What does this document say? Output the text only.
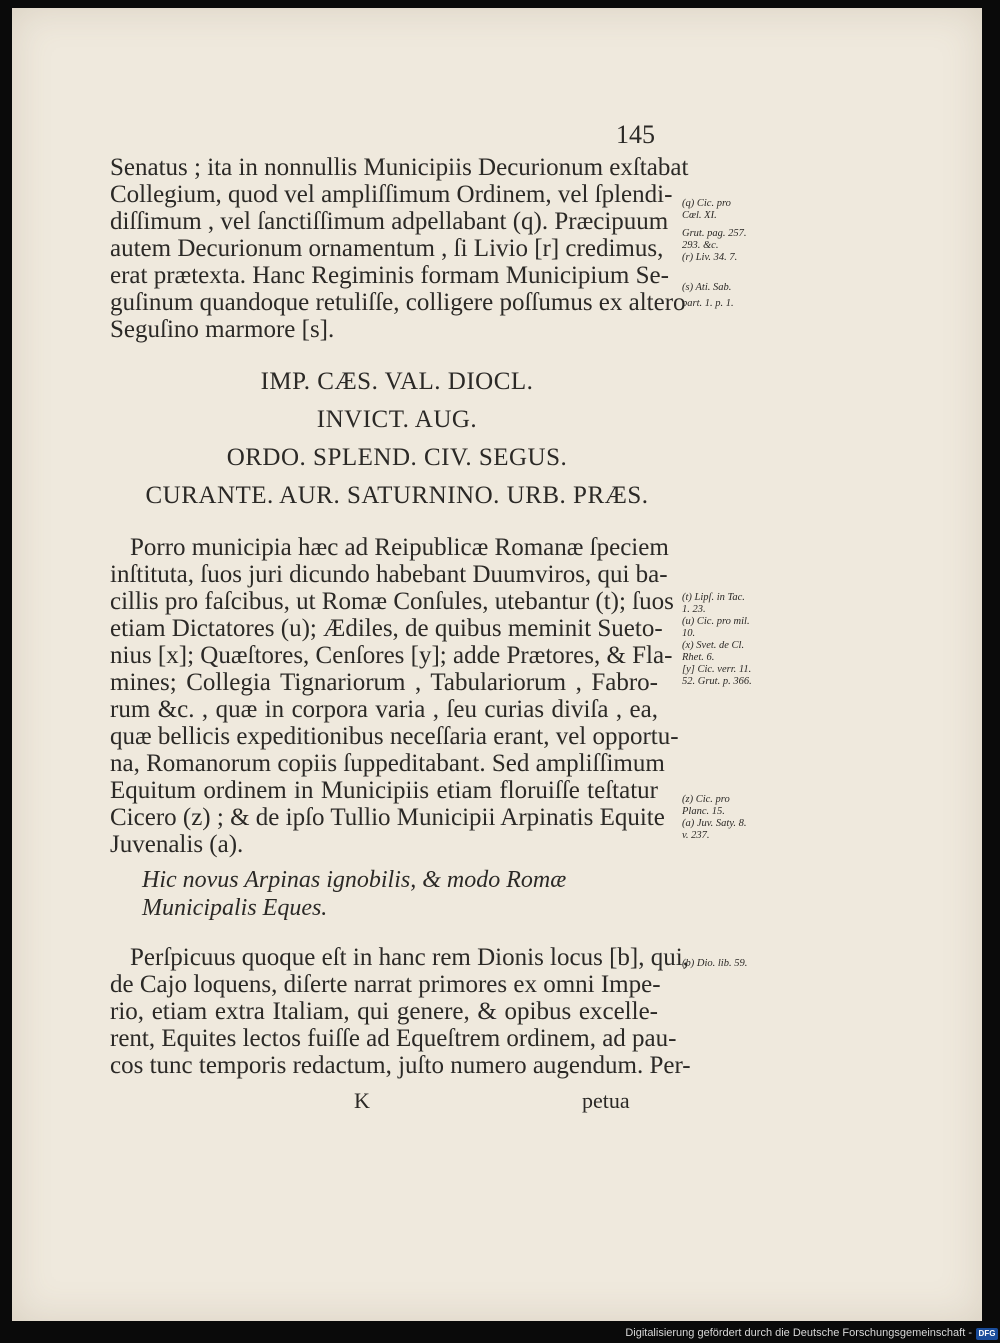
145
Senatus ; ita in nonnullis Municipiis Decurionum exſtabat
Collegium, quod vel ampliſſimum Ordinem, vel ſplendi-
diſſimum , vel ſanctiſſimum adpellabant (q). Præcipuum
autem Decurionum ornamentum , ſi Livio [r] credimus,
erat prætexta. Hanc Regiminis formam Municipium Se-
guſinum quandoque retuliſſe, colligere poſſumus ex altero
Seguſino marmore [s].
(q) Cic. pro
Cœl. XI.
Grut. pag. 257.
293. &c.
(r) Liv. 34. 7.
(s) Ati. Sab.
part. 1. p. 1.
IMP. CÆS. VAL. DIOCL.
INVICT. AUG.
ORDO. SPLEND. CIV. SEGUS.
CURANTE. AUR. SATURNINO. URB. PRÆS.
Porro municipia hæc ad Reipublicæ Romanæ ſpeciem
inſtituta, ſuos juri dicundo habebant Duumviros, qui ba-
cillis pro faſcibus, ut Romæ Conſules, utebantur (t); ſuos
etiam Dictatores (u); Ædiles, de quibus meminit Sueto-
nius [x]; Quæſtores, Cenſores [y]; adde Prætores, & Fla-
mines; Collegia Tignariorum , Tabulariorum , Fabro-
rum &c. , quæ in corpora varia , ſeu curias diviſa , ea,
quæ bellicis expeditionibus neceſſaria erant, vel opportu-
na, Romanorum copiis ſuppeditabant. Sed ampliſſimum
Equitum ordinem in Municipiis etiam floruiſſe teſtatur
Cicero (z) ; & de ipſo Tullio Municipii Arpinatis Equite
Juvenalis (a).
(t) Lipſ. in Tac.
1. 23.
(u) Cic. pro mil.
10.
(x) Svet. de Cl.
Rhet. 6.
[y] Cic. verr. 11.
52. Grut. p. 366.
(z) Cic. pro
Planc. 15.
(a) Juv. Saty. 8.
v. 237.
Hic novus Arpinas ignobilis, & modo Romæ
Municipalis Eques.
Perſpicuus quoque eſt in hanc rem Dionis locus [b], qui,
de Cajo loquens, diſerte narrat primores ex omni Impe-
rio, etiam extra Italiam, qui genere, & opibus excelle-
rent, Equites lectos fuiſſe ad Equeſtrem ordinem, ad pau-
cos tunc temporis redactum, juſto numero augendum. Per-
(b) Dio. lib. 59.
K	petua
Digitalisierung gefördert durch die Deutsche Forschungsgemeinschaft - DFG
